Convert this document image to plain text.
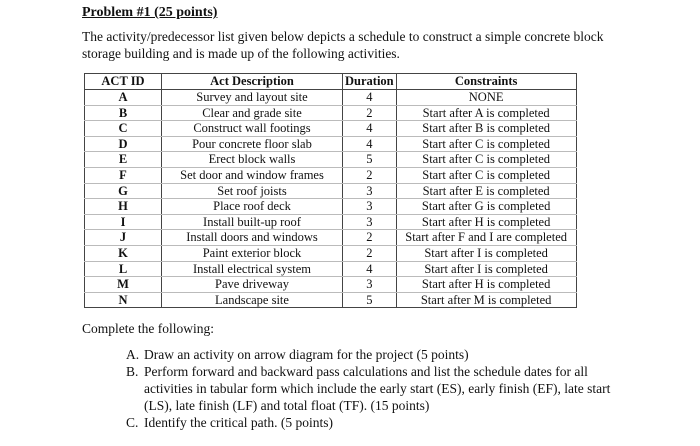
Problem #1 (25 points)
The activity/predecessor list given below depicts a schedule to construct a simple concrete block storage building and is made up of the following activities.
ACT ID	Act Description	Duration	Constraints
A	Survey and layout site	4	NONE
B	Clear and grade site	2	Start after A is completed
C	Construct wall footings	4	Start after B is completed
D	Pour concrete floor slab	4	Start after C is completed
E	Erect block walls	5	Start after C is completed
F	Set door and window frames	2	Start after C is completed
G	Set roof joists	3	Start after E is completed
H	Place roof deck	3	Start after G is completed
I	Install built-up roof	3	Start after H is completed
J	Install doors and windows	2	Start after F and I are completed
K	Paint exterior block	2	Start after I is completed
L	Install electrical system	4	Start after I is completed
M	Pave driveway	3	Start after H is completed
N	Landscape site	5	Start after M is completed
Complete the following:
A. Draw an activity on arrow diagram for the project (5 points)
B. Perform forward and backward pass calculations and list the schedule dates for all activities in tabular form which include the early start (ES), early finish (EF), late start (LS), late finish (LF) and total float (TF). (15 points)
C. Identify the critical path. (5 points)
